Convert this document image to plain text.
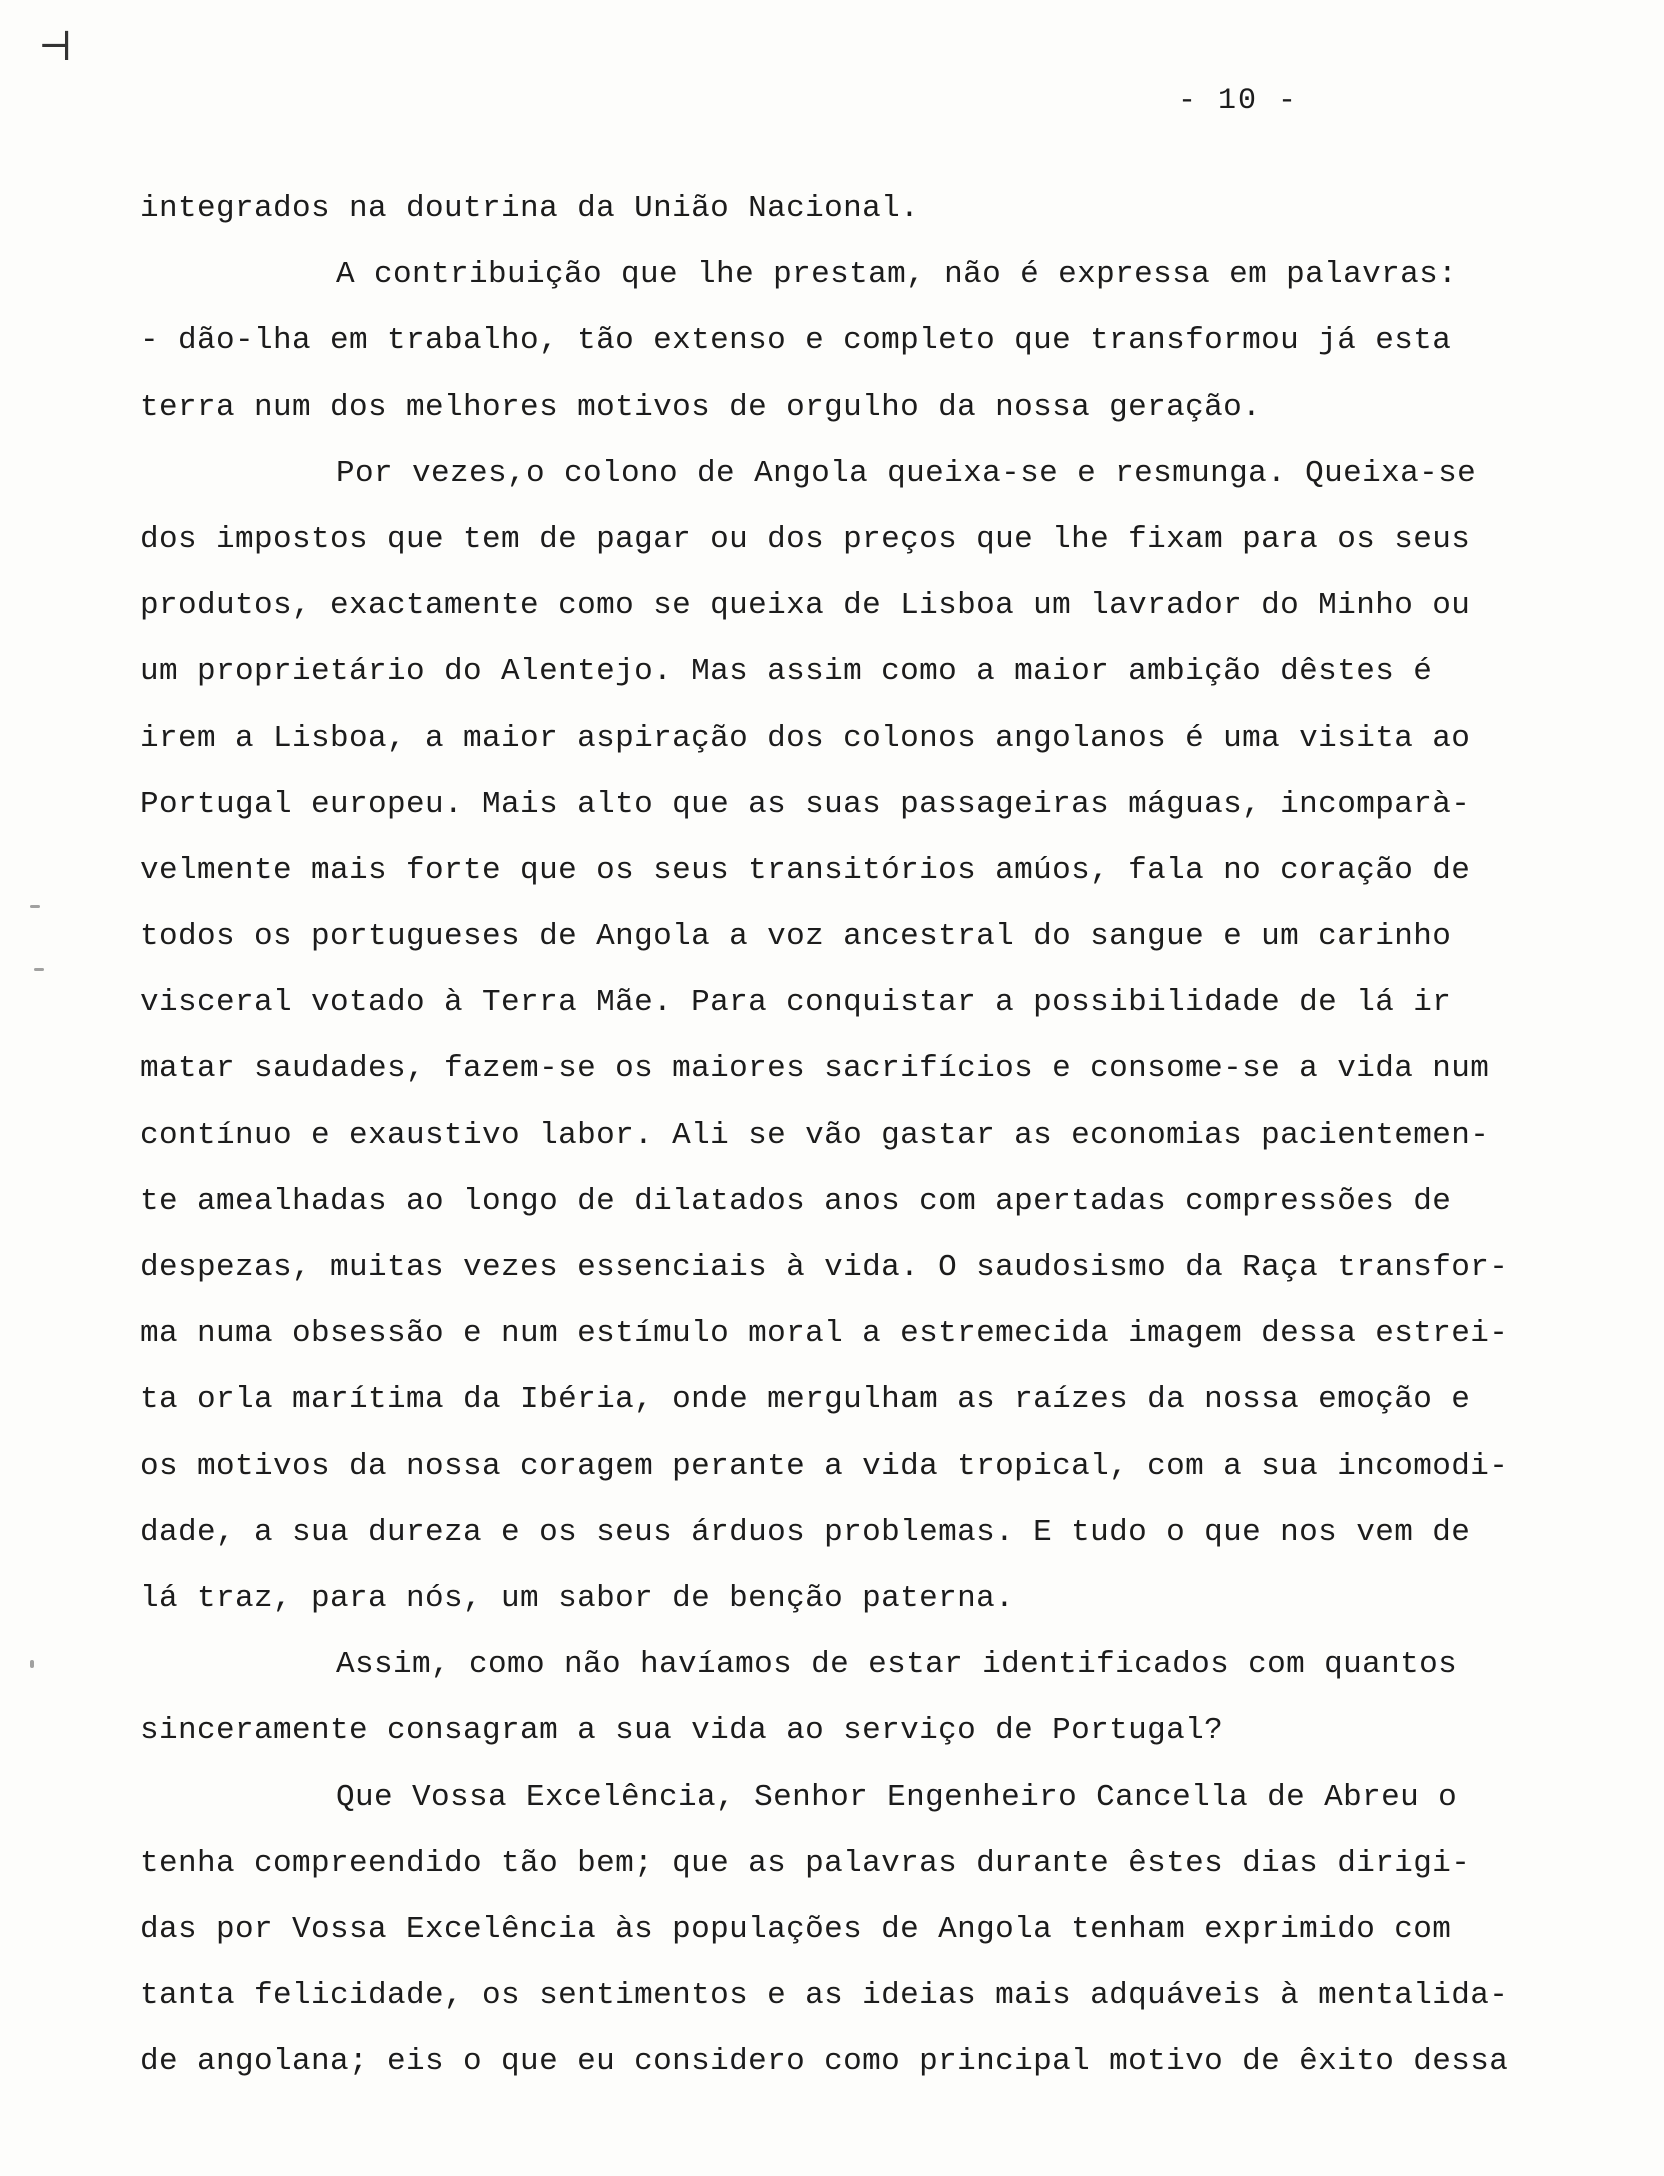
⊣
- 10 -
integrados na doutrina da União Nacional.
A contribuição que lhe prestam, não é expressa em palavras:
- dão-lha em trabalho, tão extenso e completo que transformou já esta
terra num dos melhores motivos de orgulho da nossa geração.
Por vezes,o colono de Angola queixa-se e resmunga. Queixa-se
dos impostos que tem de pagar ou dos preços que lhe fixam para os seus
produtos, exactamente como se queixa de Lisboa um lavrador do Minho ou
um proprietário do Alentejo. Mas assim como a maior ambição dêstes é
irem a Lisboa, a maior aspiração dos colonos angolanos é uma visita ao
Portugal europeu. Mais alto que as suas passageiras máguas, incomparà-
velmente mais forte que os seus transitórios amúos, fala no coração de
todos os portugueses de Angola a voz ancestral do sangue e um carinho
visceral votado à Terra Mãe. Para conquistar a possibilidade de lá ir
matar saudades, fazem-se os maiores sacrifícios e consome-se a vida num
contínuo e exaustivo labor. Ali se vão gastar as economias pacientemen-
te amealhadas ao longo de dilatados anos com apertadas compressões de
despezas, muitas vezes essenciais à vida. O saudosismo da Raça transfor-
ma numa obsessão e num estímulo moral a estremecida imagem dessa estrei-
ta orla marítima da Ibéria, onde mergulham as raízes da nossa emoção e
os motivos da nossa coragem perante a vida tropical, com a sua incomodi-
dade, a sua dureza e os seus árduos problemas. E tudo o que nos vem de
lá traz, para nós, um sabor de benção paterna.
Assim, como não havíamos de estar identificados com quantos
sinceramente consagram a sua vida ao serviço de Portugal?
Que Vossa Excelência, Senhor Engenheiro Cancella de Abreu o
tenha compreendido tão bem; que as palavras durante êstes dias dirigi-
das por Vossa Excelência às populações de Angola tenham exprimido com
tanta felicidade, os sentimentos e as ideias mais adquáveis à mentalida-
de angolana; eis o que eu considero como principal motivo de êxito dessa
